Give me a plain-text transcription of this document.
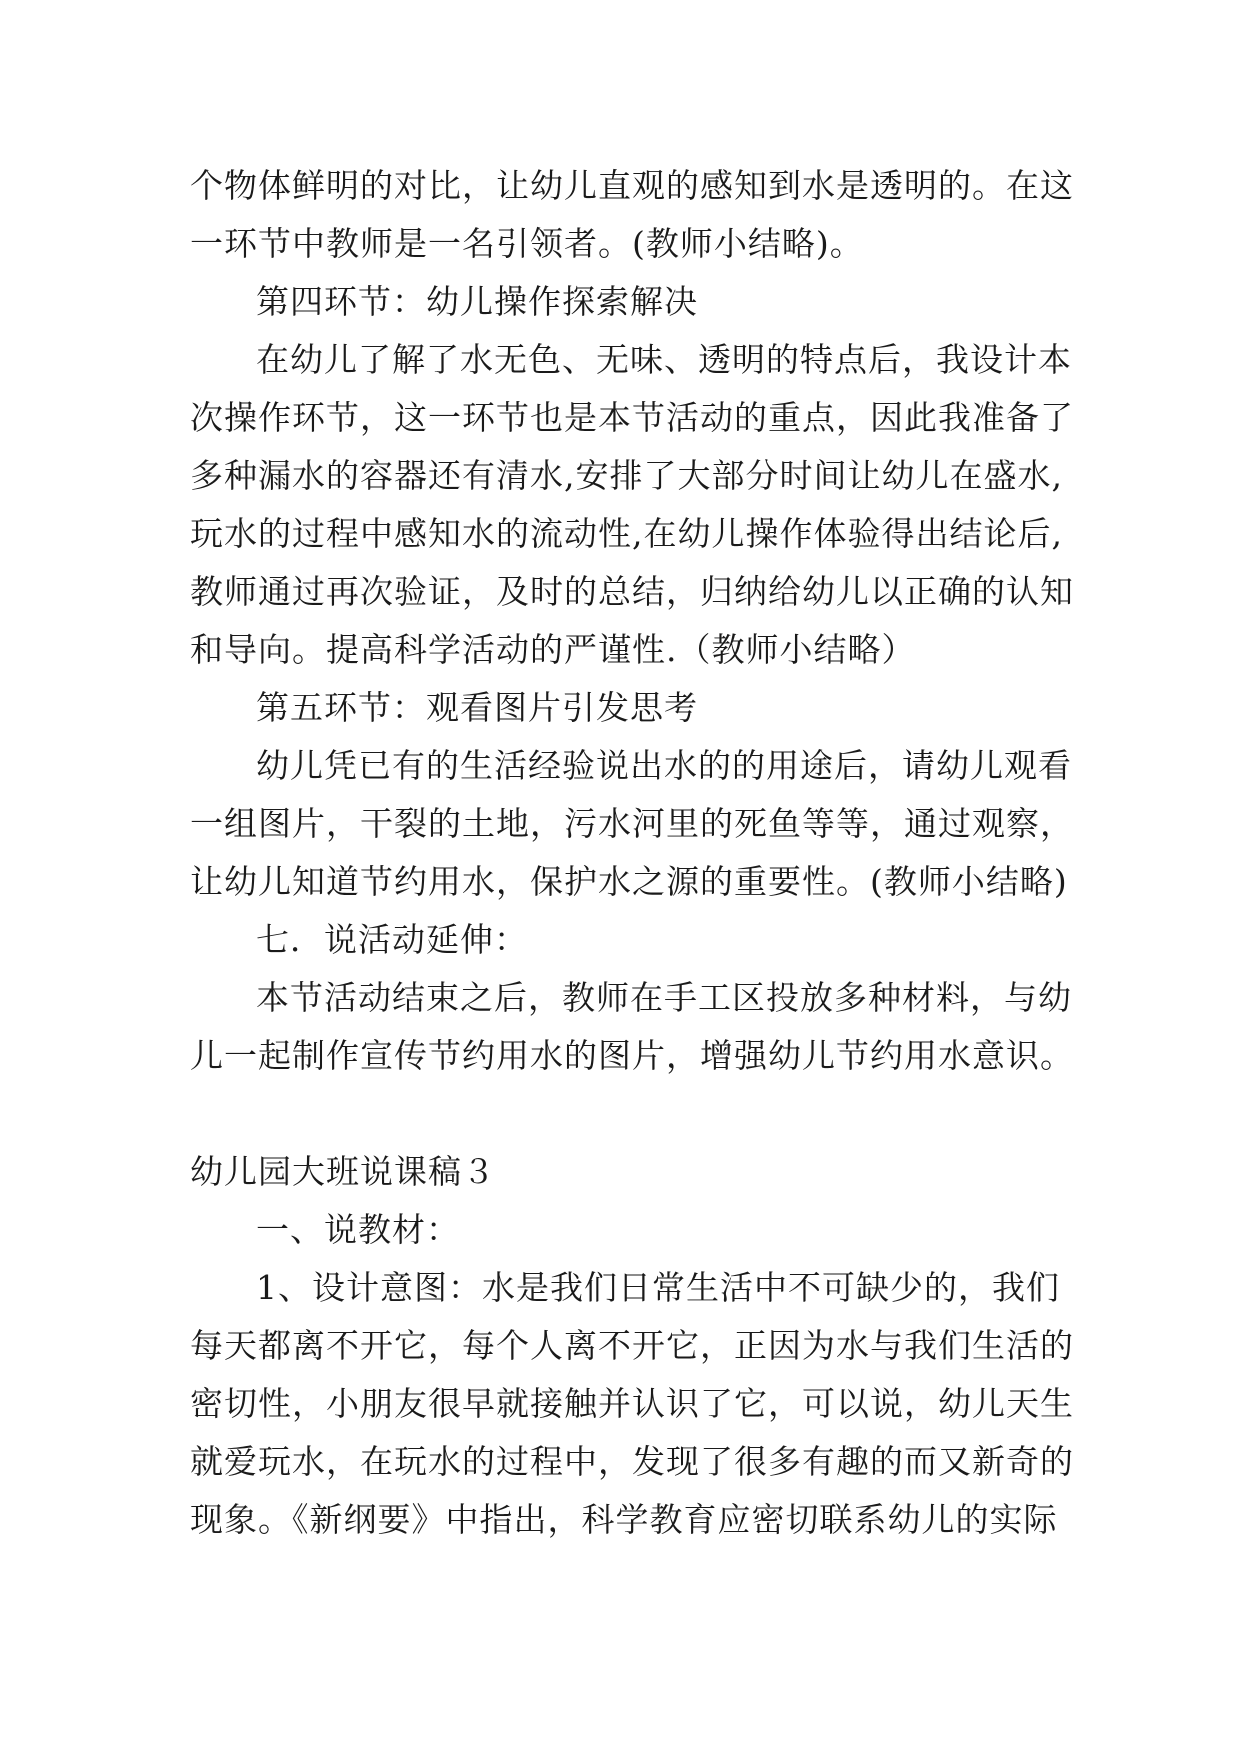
个物体鲜明的对比，让幼儿直观的感知到水是透明的。在这

一环节中教师是一名引领者。(教师小结略)。

第四环节：幼儿操作探索解决

在幼儿了解了水无色、无味、透明的特点后，我设计本

次操作环节，这一环节也是本节活动的重点，因此我准备了

多种漏水的容器还有清水,安排了大部分时间让幼儿在盛水,

玩水的过程中感知水的流动性,在幼儿操作体验得出结论后,

教师通过再次验证，及时的总结，归纳给幼儿以正确的认知

和导向。提高科学活动的严谨性.（教师小结略）

第五环节：观看图片引发思考

幼儿凭已有的生活经验说出水的的用途后，请幼儿观看

一组图片，干裂的土地，污水河里的死鱼等等，通过观察，

让幼儿知道节约用水，保护水之源的重要性。(教师小结略)

七．说活动延伸：

本节活动结束之后，教师在手工区投放多种材料，与幼

儿一起制作宣传节约用水的图片，增强幼儿节约用水意识。

幼儿园大班说课稿３

一、说教材：

1、设计意图：水是我们日常生活中不可缺少的，我们

每天都离不开它，每个人离不开它，正因为水与我们生活的

密切性，小朋友很早就接触并认识了它，可以说，幼儿天生

就爱玩水，在玩水的过程中，发现了很多有趣的而又新奇的

现象。《新纲要》中指出，科学教育应密切联系幼儿的实际
